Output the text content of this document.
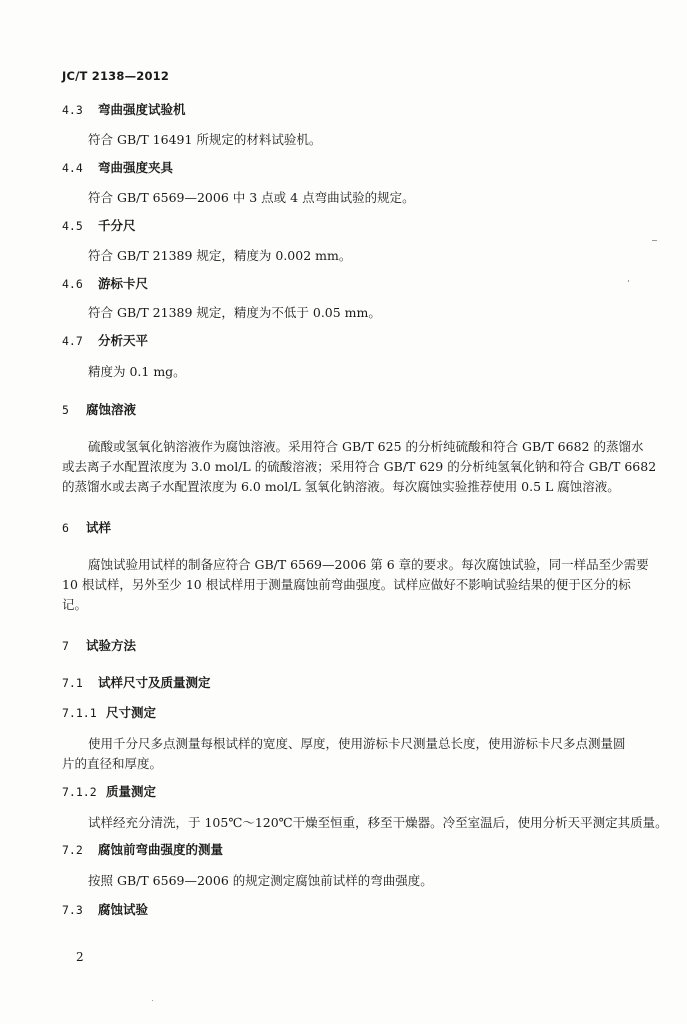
JC/T 2138—2012
4.3 弯曲强度试验机
符合 GB/T 16491 所规定的材料试验机。
4.4 弯曲强度夹具
符合 GB/T 6569—2006 中 3 点或 4 点弯曲试验的规定。
4.5 千分尺
符合 GB/T 21389 规定，精度为 0.002 mm。
4.6 游标卡尺
符合 GB/T 21389 规定，精度为不低于 0.05 mm。
4.7 分析天平
精度为 0.1 mg。
5 腐蚀溶液
硫酸或氢氧化钠溶液作为腐蚀溶液。采用符合 GB/T 625 的分析纯硫酸和符合 GB/T 6682 的蒸馏水
或去离子水配置浓度为 3.0 mol/L 的硫酸溶液；采用符合 GB/T 629 的分析纯氢氧化钠和符合 GB/T 6682
的蒸馏水或去离子水配置浓度为 6.0 mol/L 氢氧化钠溶液。每次腐蚀实验推荐使用 0.5 L 腐蚀溶液。
6 试样
腐蚀试验用试样的制备应符合 GB/T 6569—2006 第 6 章的要求。每次腐蚀试验，同一样品至少需要
10 根试样，另外至少 10 根试样用于测量腐蚀前弯曲强度。试样应做好不影响试验结果的便于区分的标
记。
7 试验方法
7.1 试样尺寸及质量测定
7.1.1 尺寸测定
使用千分尺多点测量每根试样的宽度、厚度，使用游标卡尺测量总长度，使用游标卡尺多点测量圆
片的直径和厚度。
7.1.2 质量测定
试样经充分清洗，于 105℃～120℃干燥至恒重，移至干燥器。冷至室温后，使用分析天平测定其质量。
7.2 腐蚀前弯曲强度的测量
按照 GB/T 6569—2006 的规定测定腐蚀前试样的弯曲强度。
7.3 腐蚀试验
2
